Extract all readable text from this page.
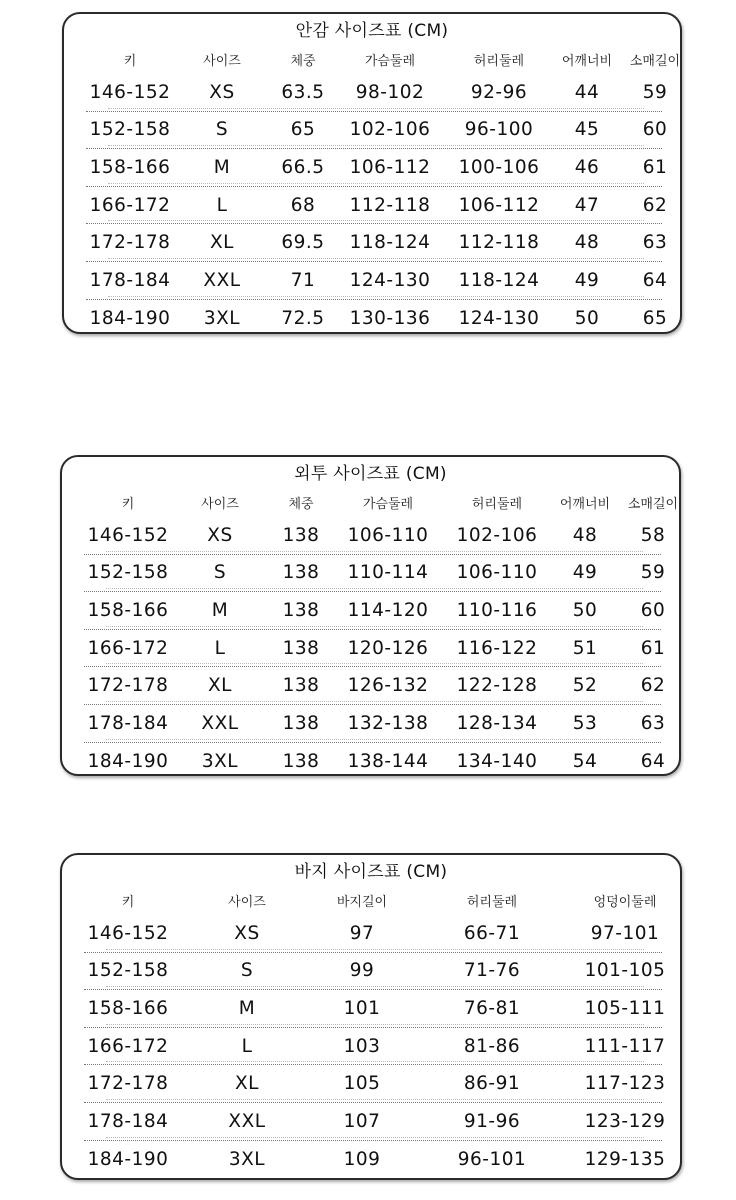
안감 사이즈표 (CM)
키	사이즈	체중	가슴둘레	허리둘레	어깨너비	소매길이
146-152	XS	63.5	98-102	92-96	44	59
152-158	S	65	102-106	96-100	45	60
158-166	M	66.5	106-112	100-106	46	61
166-172	L	68	112-118	106-112	47	62
172-178	XL	69.5	118-124	112-118	48	63
178-184	XXL	71	124-130	118-124	49	64
184-190	3XL	72.5	130-136	124-130	50	65
외투 사이즈표 (CM)
키	사이즈	체중	가슴둘레	허리둘레	어깨너비	소매길이
146-152	XS	138	106-110	102-106	48	58
152-158	S	138	110-114	106-110	49	59
158-166	M	138	114-120	110-116	50	60
166-172	L	138	120-126	116-122	51	61
172-178	XL	138	126-132	122-128	52	62
178-184	XXL	138	132-138	128-134	53	63
184-190	3XL	138	138-144	134-140	54	64
바지 사이즈표 (CM)
키	사이즈	바지길이	허리둘레	엉덩이둘레
146-152	XS	97	66-71	97-101
152-158	S	99	71-76	101-105
158-166	M	101	76-81	105-111
166-172	L	103	81-86	111-117
172-178	XL	105	86-91	117-123
178-184	XXL	107	91-96	123-129
184-190	3XL	109	96-101	129-135
